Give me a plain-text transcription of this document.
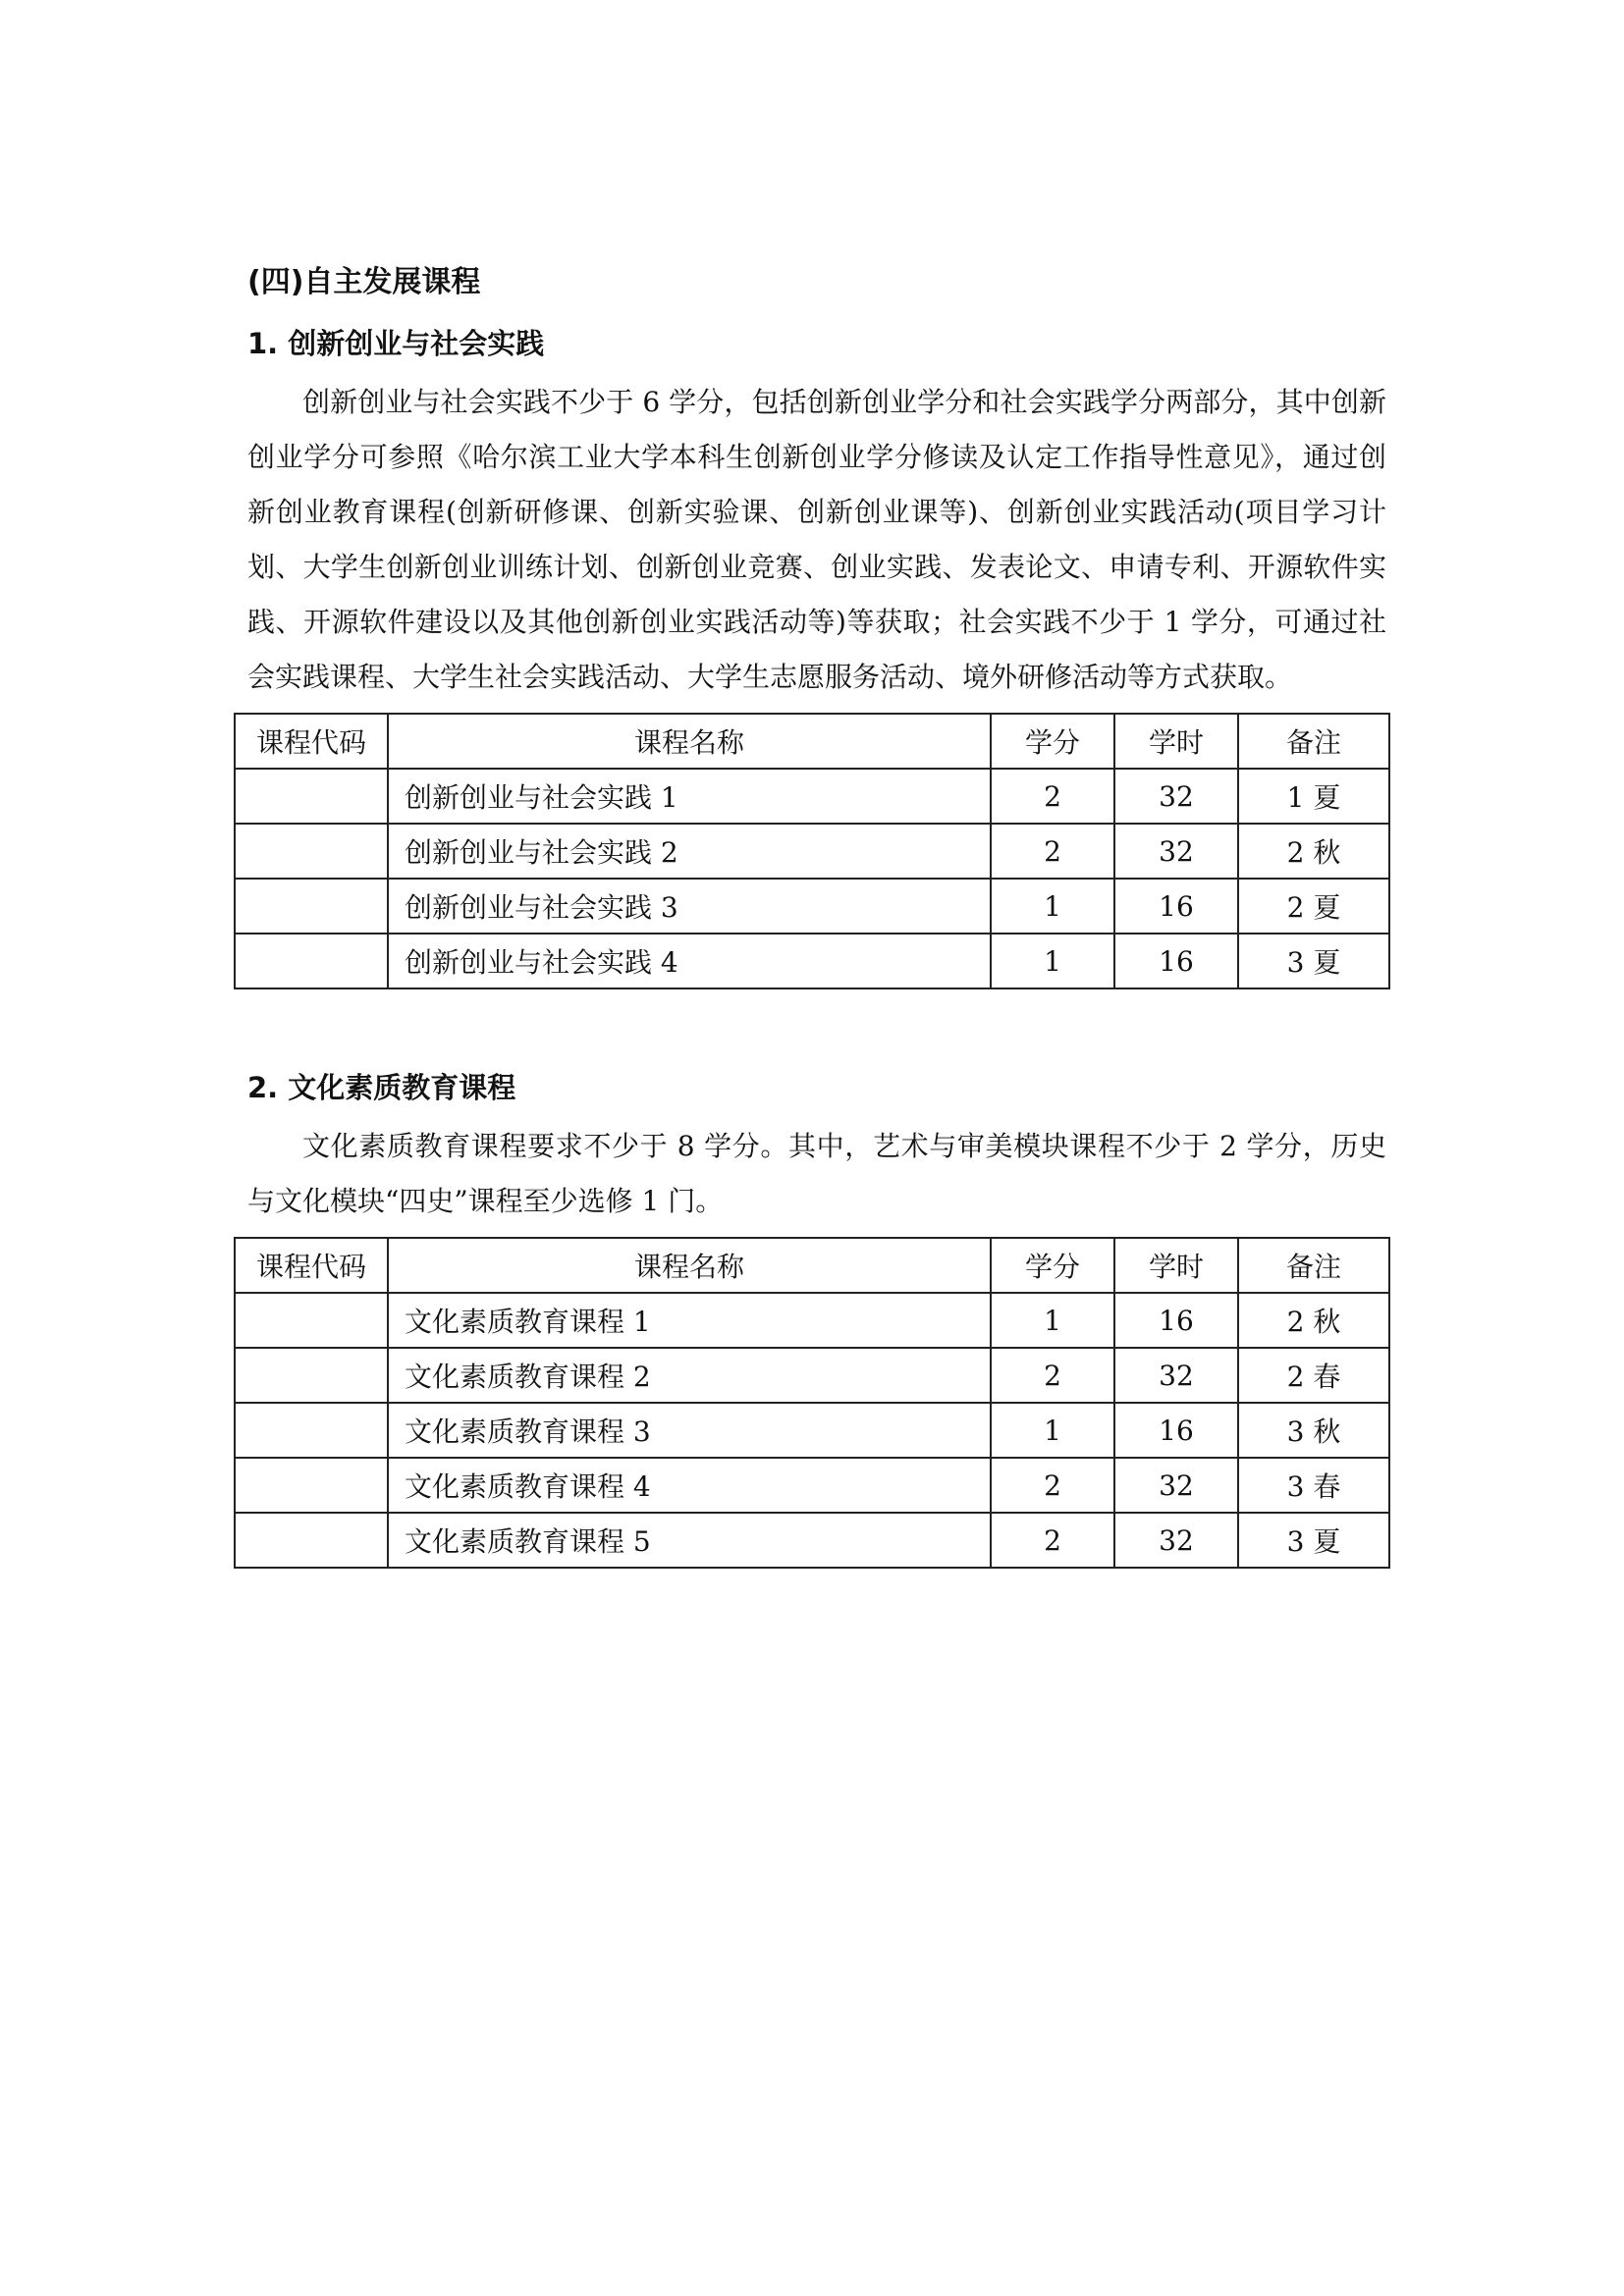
(四)自主发展课程
1. 创新创业与社会实践

创新创业与社会实践不少于 6 学分，包括创新创业学分和社会实践学分两部分，其中创新创业学分可参照《哈尔滨工业大学本科生创新创业学分修读及认定工作指导性意见》，通过创新创业教育课程(创新研修课、创新实验课、创新创业课等)、创新创业实践活动(项目学习计划、大学生创新创业训练计划、创新创业竞赛、创业实践、发表论文、申请专利、开源软件实践、开源软件建设以及其他创新创业实践活动等)等获取；社会实践不少于 1 学分，可通过社会实践课程、大学生社会实践活动、大学生志愿服务活动、境外研修活动等方式获取。

课程代码	课程名称	学分	学时	备注
	创新创业与社会实践 1	2	32	1 夏
	创新创业与社会实践 2	2	32	2 秋
	创新创业与社会实践 3	1	16	2 夏
	创新创业与社会实践 4	1	16	3 夏
2. 文化素质教育课程

文化素质教育课程要求不少于 8 学分。其中，艺术与审美模块课程不少于 2 学分，历史与文化模块“四史”课程至少选修 1 门。

课程代码	课程名称	学分	学时	备注
	文化素质教育课程 1	1	16	2 秋
	文化素质教育课程 2	2	32	2 春
	文化素质教育课程 3	1	16	3 秋
	文化素质教育课程 4	2	32	3 春
	文化素质教育课程 5	2	32	3 夏
